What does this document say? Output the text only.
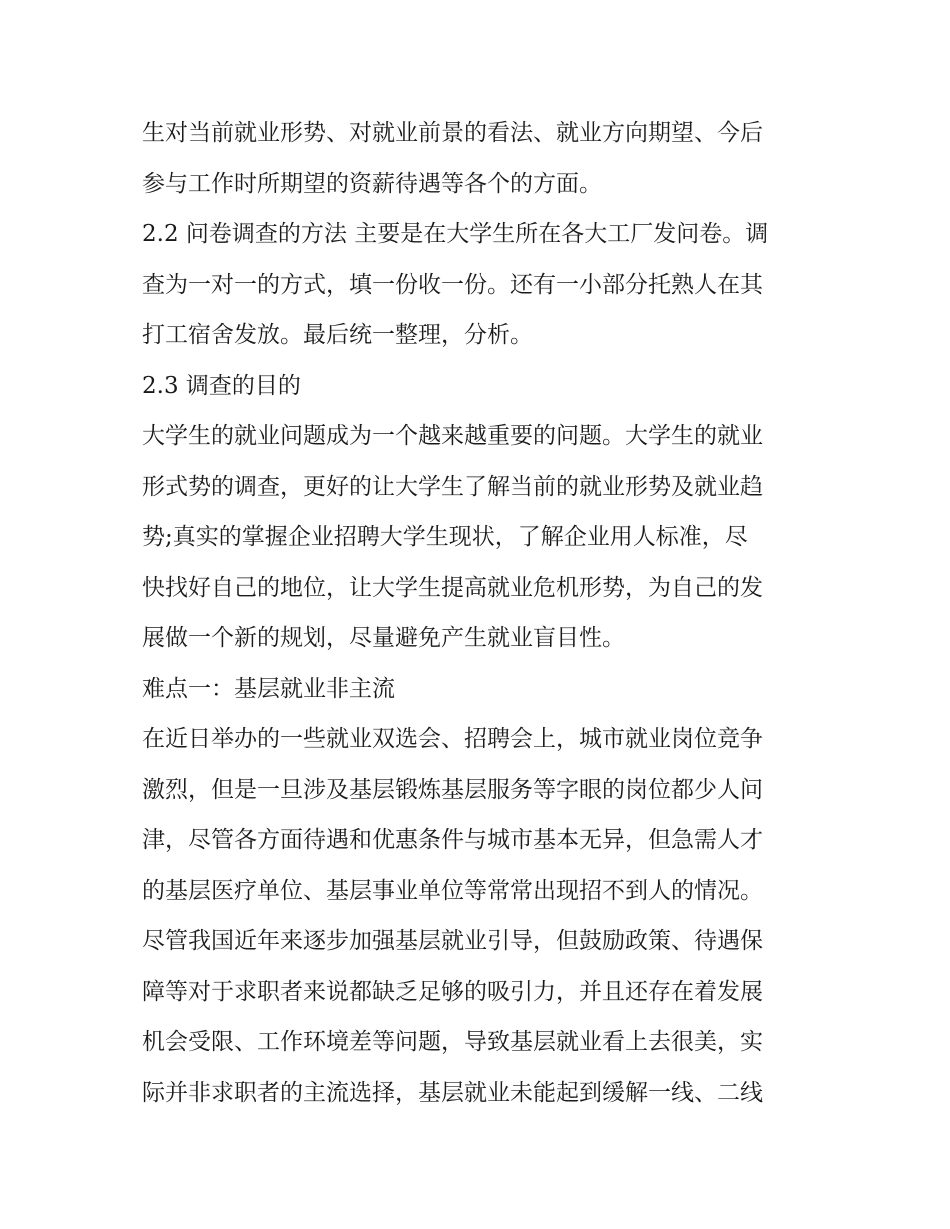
生对当前就业形势、对就业前景的看法、就业方向期望、今后
参与工作时所期望的资薪待遇等各个的方面。
2.2 问卷调查的方法 主要是在大学生所在各大工厂发问卷。调
查为一对一的方式，填一份收一份。还有一小部分托熟人在其
打工宿舍发放。最后统一整理，分析。
2.3 调查的目的
大学生的就业问题成为一个越来越重要的问题。大学生的就业
形式势的调查，更好的让大学生了解当前的就业形势及就业趋
势;真实的掌握企业招聘大学生现状，了解企业用人标准，尽
快找好自己的地位，让大学生提高就业危机形势，为自己的发
展做一个新的规划，尽量避免产生就业盲目性。
难点一：基层就业非主流
在近日举办的一些就业双选会、招聘会上，城市就业岗位竞争
激烈，但是一旦涉及基层锻炼基层服务等字眼的岗位都少人问
津，尽管各方面待遇和优惠条件与城市基本无异，但急需人才
的基层医疗单位、基层事业单位等常常出现招不到人的情况。
尽管我国近年来逐步加强基层就业引导，但鼓励政策、待遇保
障等对于求职者来说都缺乏足够的吸引力，并且还存在着发展
机会受限、工作环境差等问题，导致基层就业看上去很美，实
际并非求职者的主流选择，基层就业未能起到缓解一线、二线
